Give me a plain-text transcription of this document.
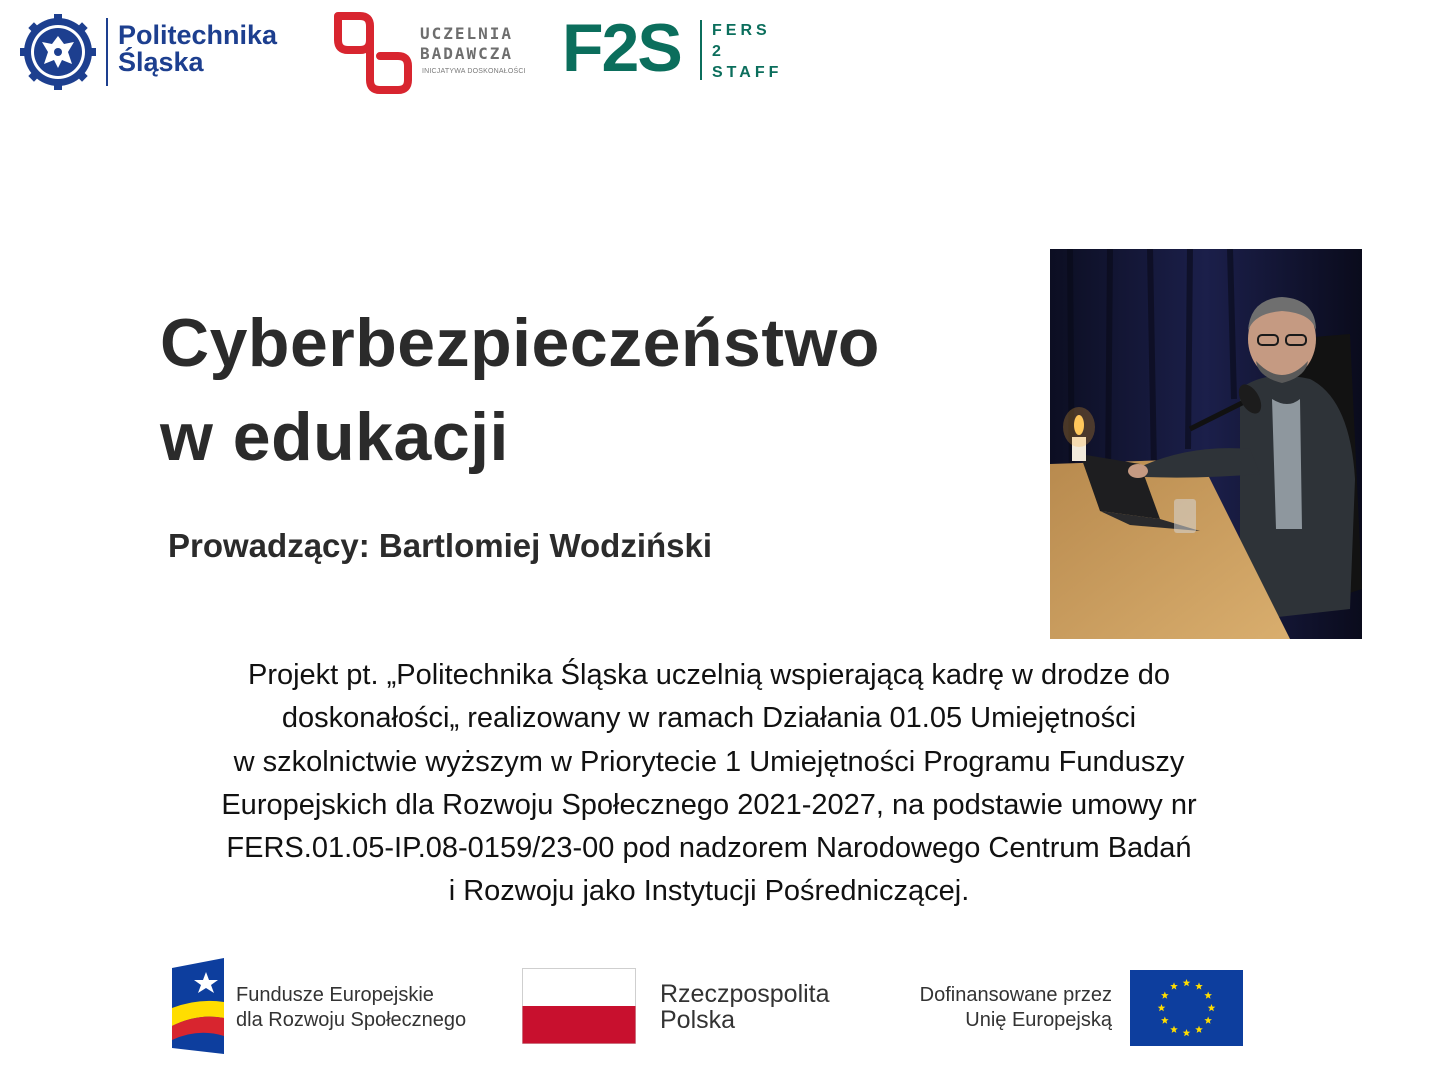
Politechnika
Śląska
UCZELNIA
BADAWCZA
INICJATYWA DOSKONAŁOŚCI F2S FERS
2
STAFF
Cyberbezpieczeństwo
w edukacji
Prowadzący: Bartlomiej Wodziński
Projekt pt. „Politechnika Śląska uczelnią wspierającą kadrę w drodze do
doskonałości„ realizowany w ramach Działania 01.05 Umiejętności
w szkolnictwie wyższym w Priorytecie 1 Umiejętności Programu Funduszy
Europejskich dla Rozwoju Społecznego 2021-2027, na podstawie umowy nr
FERS.01.05-IP.08-0159/23-00 pod nadzorem Narodowego Centrum Badań
i Rozwoju jako Instytucji Pośredniczącej.
Fundusze Europejskie
dla Rozwoju Społecznego
Rzeczpospolita
Polska
Dofinansowane przez
Unię Europejską
